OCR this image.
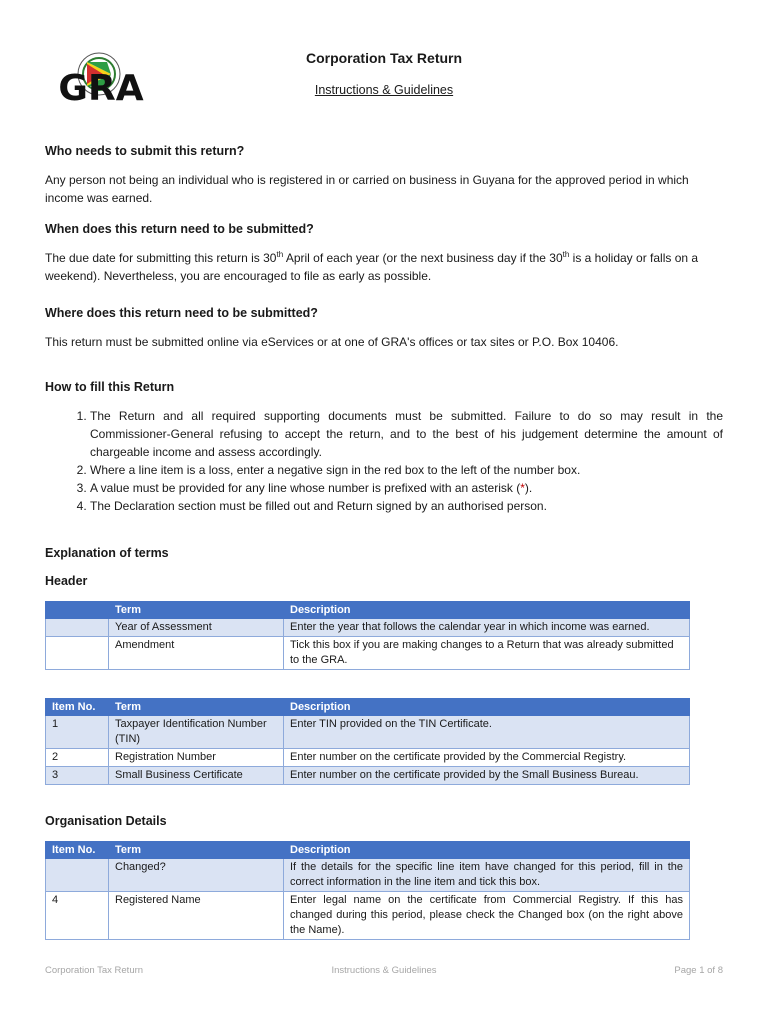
GRA
Corporation Tax Return
Instructions & Guidelines
Who needs to submit this return?

Any person not being an individual who is registered in or carried on business in Guyana for the approved period in which income was earned.

When does this return need to be submitted?

The due date for submitting this return is 30th April of each year (or the next business day if the 30th is a holiday or falls on a weekend). Nevertheless, you are encouraged to file as early as possible.

Where does this return need to be submitted?

This return must be submitted online via eServices or at one of GRA's offices or tax sites or P.O. Box 10406.

How to fill this Return
1. The Return and all required supporting documents must be submitted. Failure to do so may result in the Commissioner-General refusing to accept the return, and to the best of his judgement determine the amount of chargeable income and assess accordingly.
2. Where a line item is a loss, enter a negative sign in the red box to the left of the number box.
3. A value must be provided for any line whose number is prefixed with an asterisk (*).
4. The Declaration section must be filled out and Return signed by an authorised person.
Explanation of terms
Header
	Term	Description
	Year of Assessment	Enter the year that follows the calendar year in which income was earned.
	Amendment	Tick this box if you are making changes to a Return that was already submitted to the GRA.
Item No.	Term	Description
1	Taxpayer Identification Number (TIN)	Enter TIN provided on the TIN Certificate.
2	Registration Number	Enter number on the certificate provided by the Commercial Registry.
3	Small Business Certificate	Enter number on the certificate provided by the Small Business Bureau.
Organisation Details
Item No.	Term	Description
	Changed?	If the details for the specific line item have changed for this period, fill in the correct information in the line item and tick this box.
4	Registered Name	Enter legal name on the certificate from Commercial Registry. If this has changed during this period, please check the Changed box (on the right above the Name).
Corporation Tax Return	Instructions & Guidelines	Page 1 of 8
